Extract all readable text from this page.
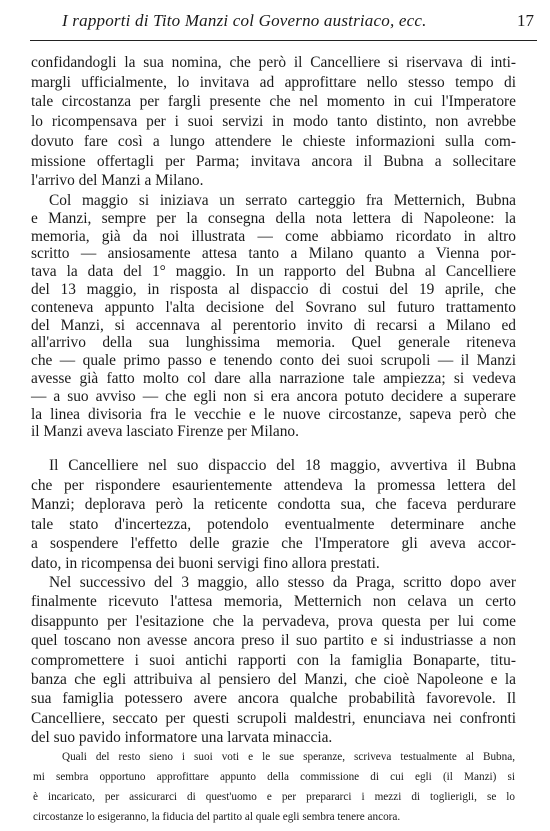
I rapporti di Tito Manzi col Governo austriaco, ecc.	17
confidandogli la sua nomina, che però il Cancelliere si riservava di inti-
margli ufficialmente, lo invitava ad approfittare nello stesso tempo di
tale circostanza per fargli presente che nel momento in cui l'Imperatore
lo ricompensava per i suoi servizi in modo tanto distinto, non avrebbe
dovuto fare così a lungo attendere le chieste informazioni sulla com-
missione offertagli per Parma; invitava ancora il Bubna a sollecitare
l'arrivo del Manzi a Milano.
Col maggio si iniziava un serrato carteggio fra Metternich, Bubna
e Manzi, sempre per la consegna della nota lettera di Napoleone: la
memoria, già da noi illustrata — come abbiamo ricordato in altro
scritto — ansiosamente attesa tanto a Milano quanto a Vienna por-
tava la data del 1° maggio. In un rapporto del Bubna al Cancelliere
del 13 maggio, in risposta al dispaccio di costui del 19 aprile, che
conteneva appunto l'alta decisione del Sovrano sul futuro trattamento
del Manzi, si accennava al perentorio invito di recarsi a Milano ed
all'arrivo della sua lunghissima memoria. Quel generale riteneva
che — quale primo passo e tenendo conto dei suoi scrupoli — il Manzi
avesse già fatto molto col dare alla narrazione tale ampiezza; si vedeva
— a suo avviso — che egli non si era ancora potuto decidere a superare
la linea divisoria fra le vecchie e le nuove circostanze, sapeva però che
il Manzi aveva lasciato Firenze per Milano.
Il Cancelliere nel suo dispaccio del 18 maggio, avvertiva il Bubna
che per rispondere esaurientemente attendeva la promessa lettera del
Manzi; deplorava però la reticente condotta sua, che faceva perdurare
tale stato d'incertezza, potendolo eventualmente determinare anche
a sospendere l'effetto delle grazie che l'Imperatore gli aveva accor-
dato, in ricompensa dei buoni servigi fino allora prestati.
Nel successivo del 3 maggio, allo stesso da Praga, scritto dopo aver
finalmente ricevuto l'attesa memoria, Metternich non celava un certo
disappunto per l'esitazione che la pervadeva, prova questa per lui come
quel toscano non avesse ancora preso il suo partito e si industriasse a non
compromettere i suoi antichi rapporti con la famiglia Bonaparte, titu-
banza che egli attribuiva al pensiero del Manzi, che cioè Napoleone e la
sua famiglia potessero avere ancora qualche probabilità favorevole. Il
Cancelliere, seccato per questi scrupoli maldestri, enunciava nei confronti
del suo pavido informatore una larvata minaccia.
Quali del resto sieno i suoi voti e le sue speranze, scriveva testualmente al Bubna,
mi sembra opportuno approfittare appunto della commissione di cui egli (il Manzi) si
è incaricato, per assicurarci di quest'uomo e per prepararci i mezzi di toglierigli, se lo
circostanze lo esigeranno, la fiducia del partito al quale egli sembra tenere ancora.
